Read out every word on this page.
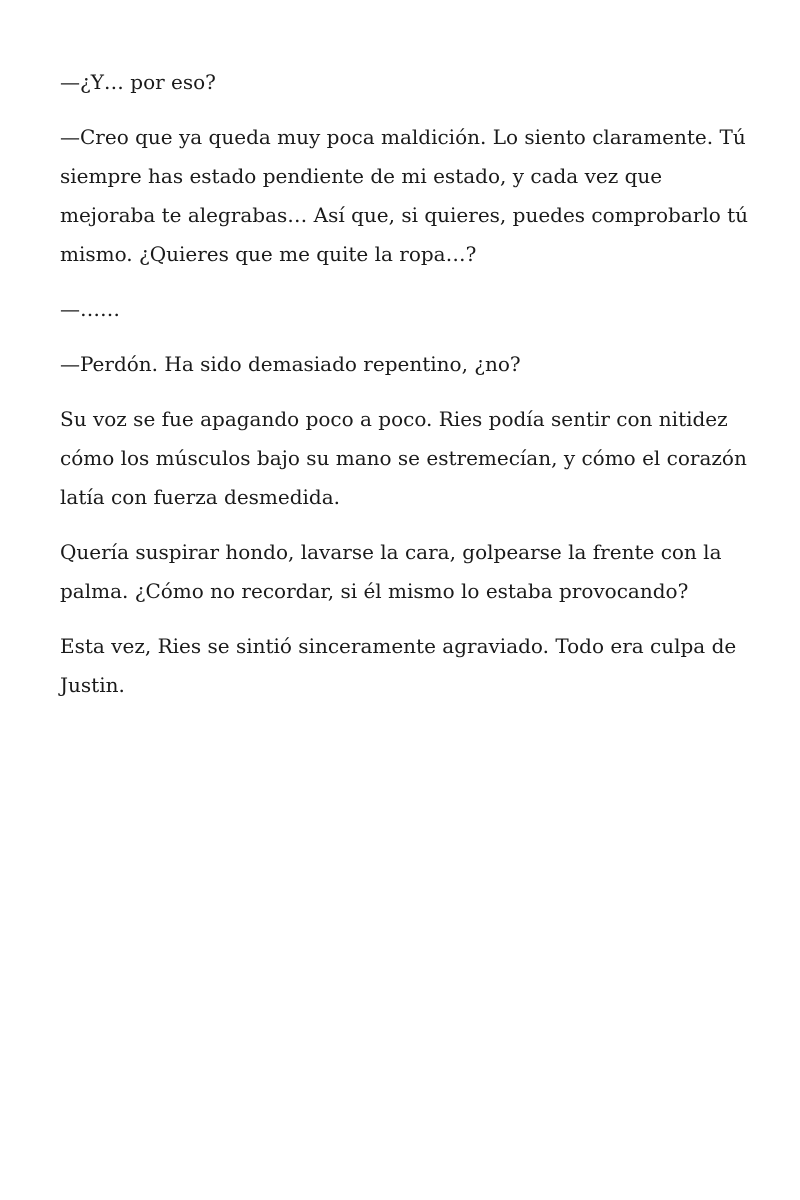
—¿Y… por eso?

—Creo que ya queda muy poca maldición. Lo siento claramente. Tú siempre has estado pendiente de mi estado, y cada vez que mejoraba te alegrabas… Así que, si quieres, puedes comprobarlo tú mismo. ¿Quieres que me quite la ropa…?

—……

—Perdón. Ha sido demasiado repentino, ¿no?

Su voz se fue apagando poco a poco. Ries podía sentir con nitidez cómo los músculos bajo su mano se estremecían, y cómo el corazón latía con fuerza desmedida.

Quería suspirar hondo, lavarse la cara, golpearse la frente con la palma. ¿Cómo no recordar, si él mismo lo estaba provocando?

Esta vez, Ries se sintió sinceramente agraviado. Todo era culpa de Justin.
